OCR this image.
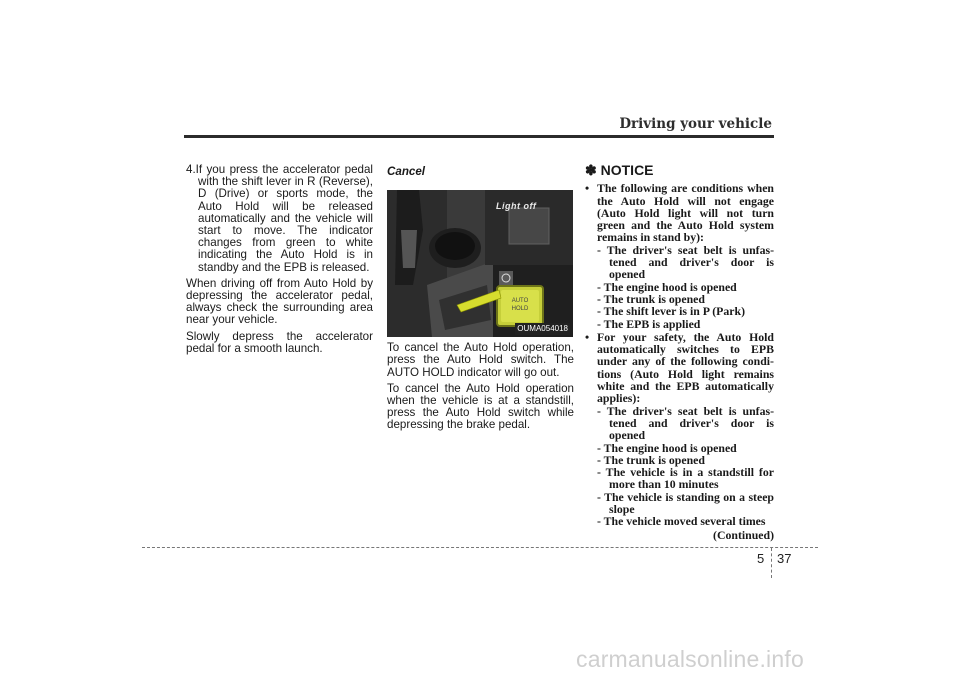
Driving your vehicle

4.If you press the accelerator pedal with the shift lever in R (Reverse), D (Drive) or sports mode, the Auto Hold will be released automatically and the vehicle will start to move. The indicator changes from green to white indicating the Auto Hold is in standby and the EPB is released.

When driving off from Auto Hold by depressing the accelerator pedal, always check the surrounding area near your vehicle.

Slowly depress the accelerator pedal for a smooth launch.

Cancel
AUTO
HOLD
Light off
OUMA054018

To cancel the Auto Hold operation, press the Auto Hold switch. The AUTO HOLD indicator will go out.

To cancel the Auto Hold operation when the vehicle is at a standstill, press the Auto Hold switch while depressing the brake pedal.

✽ NOTICE
• The following are conditions when the Auto Hold will not engage (Auto Hold light will not turn green and the Auto Hold system remains in stand by):
- The driver's seat belt is unfas-tened and driver's door is opened
- The engine hood is opened
- The trunk is opened
- The shift lever is in P (Park)
- The EPB is applied
• For your safety, the Auto Hold automatically switches to EPB under any of the following condi-tions (Auto Hold light remains white and the EPB automatically applies):
- The driver's seat belt is unfas-tened and driver's door is opened
- The engine hood is opened
- The trunk is opened
- The vehicle is in a standstill for more than 10 minutes
- The vehicle is standing on a steep slope
- The vehicle moved several times
(Continued)
5 37
carmanualsonline.info
